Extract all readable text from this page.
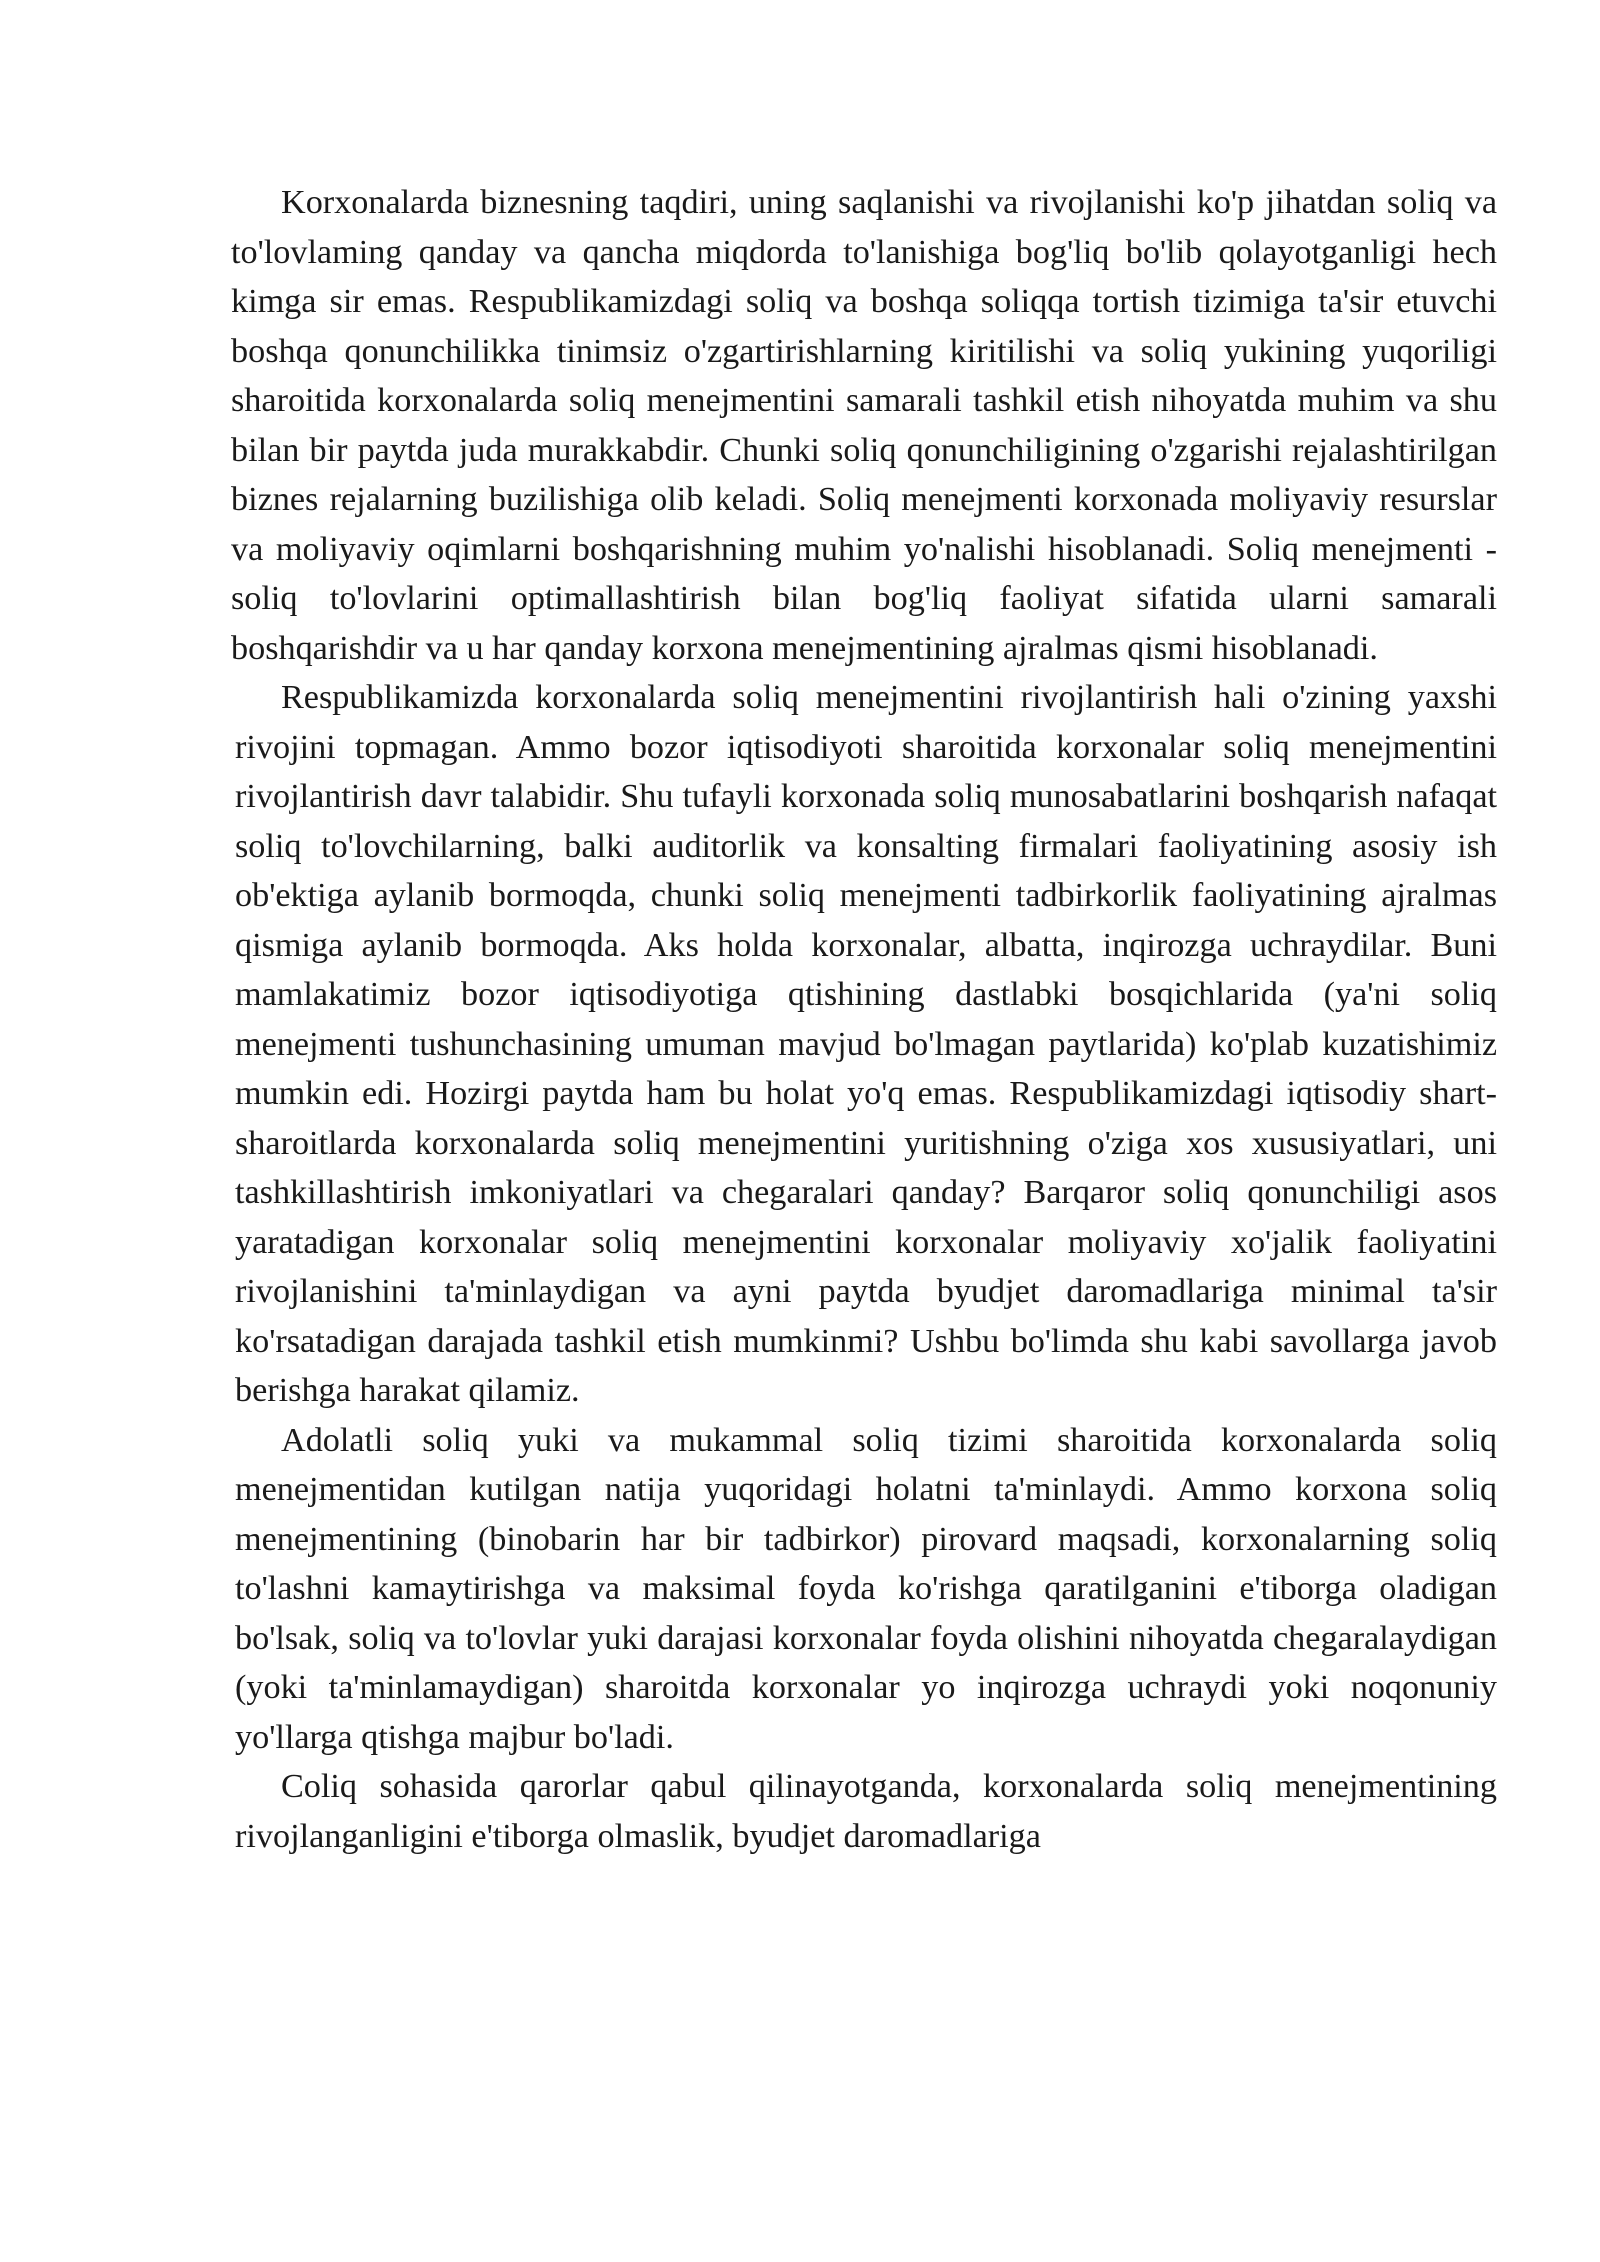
Korxonalarda biznesning taqdiri, uning saqlanishi va rivojlanishi ko'p jihatdan soliq va to'lovlaming qanday va qancha miqdorda to'lanishiga bog'liq bo'lib qolayotganligi hech kimga sir emas. Respublikamizdagi soliq va boshqa soliqqa tortish tizimiga ta'sir etuvchi boshqa qonunchilikka tinimsiz o'zgartirishlarning kiritilishi va soliq yukining yuqoriligi sharoitida korxonalarda soliq menejmentini samarali tashkil etish nihoyatda muhim va shu bilan bir paytda juda murakkabdir. Chunki soliq qonunchiligining o'zgarishi rejalashtirilgan biznes rejalarning buzilishiga olib keladi. Soliq menejmenti korxonada moliyaviy resurslar va moliyaviy oqimlarni boshqarishning muhim yo'nalishi hisoblanadi. Soliq menejmenti - soliq to'lovlarini optimallashtirish bilan bog'liq faoliyat sifatida ularni samarali boshqarishdir va u har qanday korxona menejmentining ajralmas qismi hisoblanadi.

Respublikamizda korxonalarda soliq menejmentini rivojlantirish hali o'zining yaxshi rivojini topmagan. Ammo bozor iqtisodiyoti sharoitida korxonalar soliq menejmentini rivojlantirish davr talabidir. Shu tufayli korxonada soliq munosabatlarini boshqarish nafaqat soliq to'lovchilarning, balki auditorlik va konsalting firmalari faoliyatining asosiy ish ob'ektiga aylanib bormoqda, chunki soliq menejmenti tadbirkorlik faoliyatining ajralmas qismiga aylanib bormoqda. Aks holda korxonalar, albatta, inqirozga uchraydilar. Buni mamlakatimiz bozor iqtisodiyotiga qtishining dastlabki bosqichlarida (ya'ni soliq menejmenti tushunchasining umuman mavjud bo'lmagan paytlarida) ko'plab kuzatishimiz mumkin edi. Hozirgi paytda ham bu holat yo'q emas. Respublikamizdagi iqtisodiy shart-sharoitlarda korxonalarda soliq menejmentini yuritishning o'ziga xos xususiyatlari, uni tashkillashtirish imkoniyatlari va chegaralari qanday? Barqaror soliq qonunchiligi asos yaratadigan korxonalar soliq menejmentini korxonalar moliyaviy xo'jalik faoliyatini rivojlanishini ta'minlaydigan va ayni paytda byudjet daromadlariga minimal ta'sir ko'rsatadigan darajada tashkil etish mumkinmi? Ushbu bo'limda shu kabi savollarga javob berishga harakat qilamiz.

Adolatli soliq yuki va mukammal soliq tizimi sharoitida korxonalarda soliq menejmentidan kutilgan natija yuqoridagi holatni ta'minlaydi. Ammo korxona soliq menejmentining (binobarin har bir tadbirkor) pirovard maqsadi, korxonalarning soliq to'lashni kamaytirishga va maksimal foyda ko'rishga qaratilganini e'tiborga oladigan bo'lsak, soliq va to'lovlar yuki darajasi korxonalar foyda olishini nihoyatda chegaralaydigan (yoki ta'minlamaydigan) sharoitda korxonalar yo inqirozga uchraydi yoki noqonuniy yo'llarga qtishga majbur bo'ladi.

Coliq sohasida qarorlar qabul qilinayotganda, korxonalarda soliq menejmentining rivojlanganligini e'tiborga olmaslik, byudjet daromadlariga
